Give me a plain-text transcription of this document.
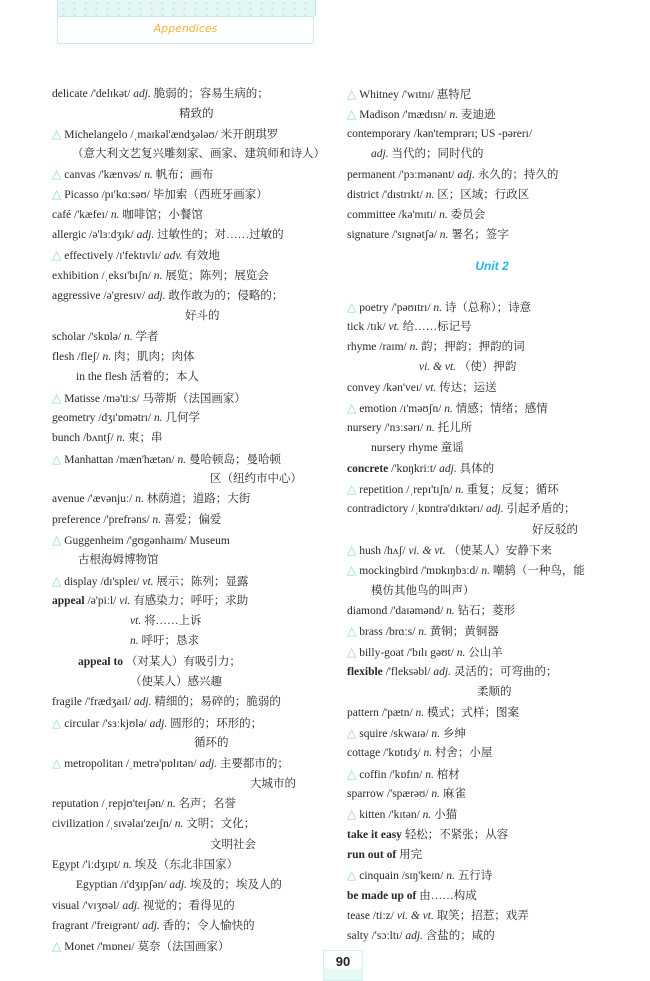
Appendices
delicate /'delɪkət/ adj. 脆弱的；容易生病的；
精致的
△ Michelangelo /ˌmaɪkəl'ændʒələʊ/ 米开朗琪罗
（意大利文艺复兴雕刻家、画家、建筑师和诗人）
△ canvas /'kænvəs/ n. 帆布；画布
△ Picasso /pɪ'kɑːsəʊ/ 毕加索（西班牙画家）
café /'kæfeɪ/ n. 咖啡馆；小餐馆
allergic /ə'lɜːdʒɪk/ adj. 过敏性的；对……过敏的
△ effectively /ɪ'fektɪvlɪ/ adv. 有效地
exhibition /ˌeksɪ'bɪʃn/ n. 展览；陈列；展览会
aggressive /ə'gresɪv/ adj. 敢作敢为的；侵略的；
好斗的
scholar /'skɒlə/ n. 学者
flesh /fleʃ/ n. 肉；肌肉；肉体
in the flesh 活着的；本人
△ Matisse /mə'tiːs/ 马蒂斯（法国画家）
geometry /dʒɪ'ɒmətrɪ/ n. 几何学
bunch /bʌntʃ/ n. 束；串
△ Manhattan /mæn'hætən/ n. 曼哈顿岛；曼哈顿
区（纽约市中心）
avenue /'ævənjuː/ n. 林荫道；道路；大街
preference /'prefrəns/ n. 喜爱；偏爱
△ Guggenheim /'gʊgənhaɪm/ Museum
古根海姆博物馆
△ display /dɪ'spleɪ/ vt. 展示；陈列；显露
appeal /ə'piːl/ vi. 有感染力；呼吁；求助
vt. 将……上诉
n. 呼吁；恳求
appeal to （对某人）有吸引力；
（使某人）感兴趣
fragile /'frædʒaɪl/ adj. 精细的；易碎的；脆弱的
△ circular /'sɜːkjʊlə/ adj. 圆形的；环形的；
循环的
△ metropolitan /ˌmetrə'pɒlɪtən/ adj. 主要都市的；
大城市的
reputation /ˌrepjʊ'teɪʃən/ n. 名声；名誉
civilization /ˌsɪvəlaɪ'zeɪʃn/ n. 文明；文化；
文明社会
Egypt /'iːdʒɪpt/ n. 埃及（东北非国家）
Egyptian /ɪ'dʒɪpʃən/ adj. 埃及的；埃及人的
visual /'vɪʒʊəl/ adj. 视觉的；看得见的
fragrant /'freɪgrənt/ adj. 香的；令人愉快的
△ Monet /'mɒneɪ/ 莫奈（法国画家）
Unit 2
△ Whitney /'wɪtnɪ/ 惠特尼
△ Madison /'mædɪsn/ n. 麦迪逊
contemporary /kən'temprərɪ; US -pərerɪ/
adj. 当代的；同时代的
permanent /'pɜːmənənt/ adj. 永久的；持久的
district /'dɪstrɪkt/ n. 区；区域；行政区
committee /kə'mɪtɪ/ n. 委员会
signature /'sɪgnətʃə/ n. 署名；签字
△ poetry /'pəʊɪtrɪ/ n. 诗（总称）；诗意
tick /tɪk/ vt. 给……标记号
rhyme /raɪm/ n. 韵；押韵；押韵的词
vi. & vt. （使）押韵
convey /kən'veɪ/ vt. 传达；运送
△ emotion /ɪ'məʊʃn/ n. 情感；情绪；感情
nursery /'nɜːsərɪ/ n. 托儿所
nursery rhyme 童谣
concrete /'kɒŋkriːt/ adj. 具体的
△ repetition /ˌrepɪ'tɪʃn/ n. 重复；反复；循环
contradictory /ˌkɒntrə'dɪktərɪ/ adj. 引起矛盾的；
好反驳的
△ hush /hʌʃ/ vi. & vt. （使某人）安静下来
△ mockingbird /'mɒkɪŋbɜːd/ n. 嘲鸫（一种鸟，能
模仿其他鸟的叫声）
diamond /'daɪəmənd/ n. 钻石；菱形
△ brass /brɑːs/ n. 黄铜；黄铜器
△ billy-goat /'bɪlɪ gəʊt/ n. 公山羊
flexible /'fleksəbl/ adj. 灵活的；可弯曲的；
柔顺的
pattern /'pætn/ n. 模式；式样；图案
△ squire /skwaɪə/ n. 乡绅
cottage /'kɒtɪdʒ/ n. 村舍；小屋
△ coffin /'kɒfɪn/ n. 棺材
sparrow /'spærəʊ/ n. 麻雀
△ kitten /'kɪtən/ n. 小猫
take it easy 轻松；不紧张；从容
run out of 用完
△ cinquain /sɪŋ'keɪn/ n. 五行诗
be made up of 由……构成
tease /tiːz/ vi. & vt. 取笑；招惹；戏弄
salty /'sɔːltɪ/ adj. 含盐的；咸的
90
